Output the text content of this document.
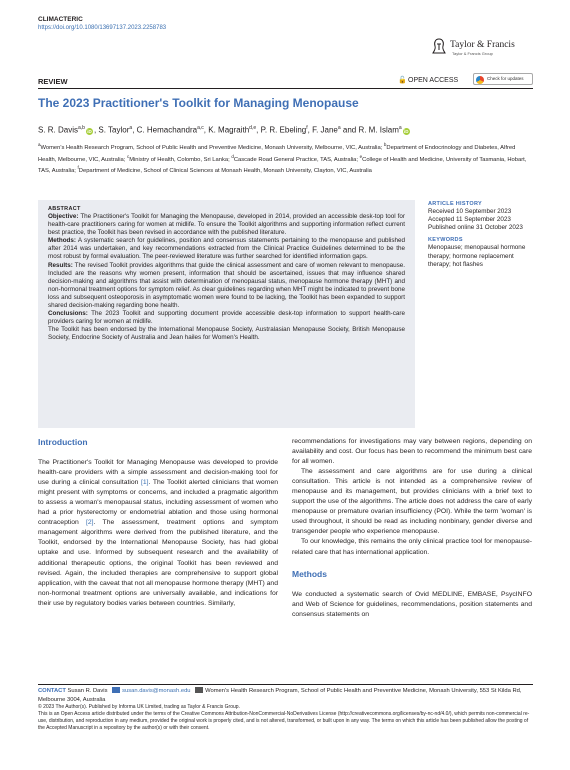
CLIMACTERIC
https://doi.org/10.1080/13697137.2023.2258783
Taylor & Francis
Taylor & Francis Group
REVIEW	🔓 OPEN ACCESS	Check for updates
The 2023 Practitioner's Toolkit for Managing Menopause
S. R. Davis$^{a,b}$iD , S. Taylor$^a$, C. Hemachandra$^{a,c}$, K. Magraith$^{d,e}$, P. R. Ebeling$^f$, F. Jane$^a$ and R. M. Islam$^a$iD
$^a$Women's Health Research Program, School of Public Health and Preventive Medicine, Monash University, Melbourne, VIC, Australia; $^b$Department of Endocrinology and Diabetes, Alfred Health, Melbourne, VIC, Australia; $^c$Ministry of Health, Colombo, Sri Lanka; $^d$Cascade Road General Practice, TAS, Australia; $^e$College of Health and Medicine, University of Tasmania, Hobart, TAS, Australia; $^f$Department of Medicine, School of Clinical Sciences at Monash Health, Monash University, Clayton, VIC, Australia
ABSTRACT

Objective: The Practitioner's Toolkit for Managing the Menopause, developed in 2014, provided an accessible desk-top tool for health-care practitioners caring for women at midlife. To ensure the Toolkit algorithms and supporting information reflect current best practice, the Toolkit has been revised in accordance with the published literature.

Methods: A systematic search for guidelines, position and consensus statements pertaining to the menopause and published after 2014 was undertaken, and key recommendations extracted from the Clinical Practice Guidelines determined to be the most robust by formal evaluation. The peer-reviewed literature was further searched for identified information gaps.

Results: The revised Toolkit provides algorithms that guide the clinical assessment and care of women relevant to menopause. Included are the reasons why women present, information that should be ascertained, issues that may influence shared decision-making and algorithms that assist with determination of menopausal status, menopause hormone therapy (MHT) and non-hormonal treatment options for symptom relief. As clear guidelines regarding when MHT might be indicated to prevent bone loss and subsequent osteoporosis in asymptomatic women were found to be lacking, the Toolkit has been expanded to support shared decision-making regarding bone health.

Conclusions: The 2023 Toolkit and supporting document provide accessible desk-top information to support health-care providers caring for women at midlife.

The Toolkit has been endorsed by the International Menopause Society, Australasian Menopause Society, British Menopause Society, Endocrine Society of Australia and Jean hailes for Women's Health.

ARTICLE HISTORY
Received 10 September 2023
Accepted 11 September 2023
Published online 31 October 2023
KEYWORDS
Menopause; menopausal hormone therapy; hormone replacement therapy; hot flashes
Introduction

The Practitioner's Toolkit for Managing Menopause was developed to provide health-care providers with a simple assessment and decision-making tool for use during a clinical consultation [1]. The Toolkit alerted clinicians that women might present with symptoms or concerns, and included a pragmatic algorithm to assess a woman's menopausal status, including assessment of women who had a prior hysterectomy or endometrial ablation and those using hormonal contraception [2]. The assessment, treatment options and symptom management algorithms were derived from the published literature, and the Toolkit, endorsed by the International Menopause Society, has had global uptake and use. Informed by subsequent research and the availability of additional therapeutic options, the original Toolkit has been reviewed and revised. Again, the included therapies are comprehensive to support global application, with the caveat that not all menopause hormone therapy (MHT) and non-hormonal treatment options are universally available, and indications for their use by regulatory bodies varies between countries. Similarly,

recommendations for investigations may vary between regions, depending on availability and cost. Our focus has been to recommend the minimum best care for all women.

The assessment and care algorithms are for use during a clinical consultation. This article is not intended as a comprehensive review of menopause and its management, but provides clinicians with a brief text to support the use of the algorithms. The article does not address the care of early menopause or premature ovarian insufficiency (POI). While the term 'woman' is used throughout, it should be read as including nonbinary, gender diverse and transgender people who experience menopause.

To our knowledge, this remains the only clinical practice tool for menopause-related care that has international application.

Methods

We conducted a systematic search of Ovid MEDLINE, EMBASE, PsycINFO and Web of Science for guidelines, recommendations, position statements and consensus statements on

CONTACT Susan R. Davis	susan.davis@monash.edu	Women's Health Research Program, School of Public Health and Preventive Medicine, Monash University, 553 St Kilda Rd, Melbourne 3004, Australia
© 2023 The Author(s). Published by Informa UK Limited, trading as Taylor & Francis Group.
This is an Open Access article distributed under the terms of the Creative Commons Attribution-NonCommercial-NoDerivatives License (http://creativecommons.org/licenses/by-nc-nd/4.0/), which permits non-commercial re-use, distribution, and reproduction in any medium, provided the original work is properly cited, and is not altered, transformed, or built upon in any way. The terms on which this article has been published allow the posting of the Accepted Manuscript in a repository by the author(s) or with their consent.
